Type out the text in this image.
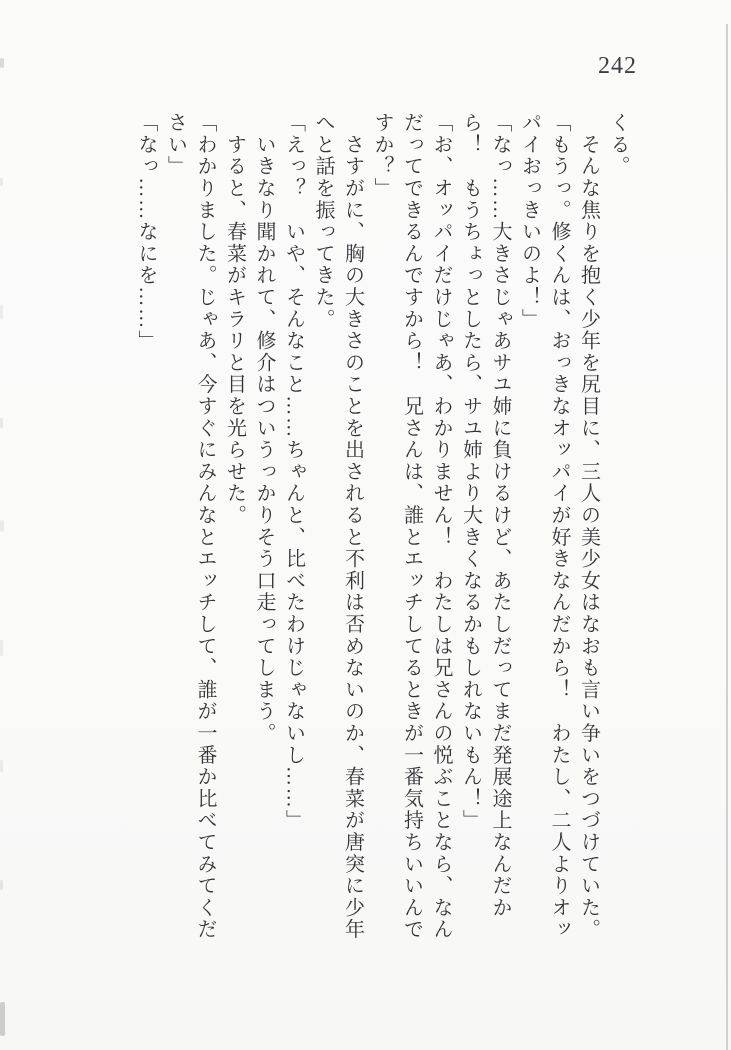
242

くる。

　そんな焦りを抱く少年を尻目に、三人の美少女はなおも言い争いをつづけていた。

「もうっ。修くんは、おっきなオッパイが好きなんだから！　わたし、二人よりオッ

パイおっきいのよ！」

「なっ……大きさじゃあサユ姉に負けるけど、あたしだってまだ発展途上なんだか

ら！　もうちょっとしたら、サユ姉より大きくなるかもしれないもん！」

「お、オッパイだけじゃあ、わかりません！　わたしは兄さんの悦ぶことなら、なん

だってできるんですから！　兄さんは、誰とエッチしてるときが一番気持ちいいんで

すか？」

　さすがに、胸の大きさのことを出されると不利は否めないのか、春菜が唐突に少年

へと話を振ってきた。

「えっ？　いや、そんなこと……ちゃんと、比べたわけじゃないし……」

　いきなり聞かれて、修介はついうっかりそう口走ってしまう。

　すると、春菜がキラリと目を光らせた。

「わかりました。じゃあ、今すぐにみんなとエッチして、誰が一番か比べてみてくだ

さい」

「なっ……なにを……」
